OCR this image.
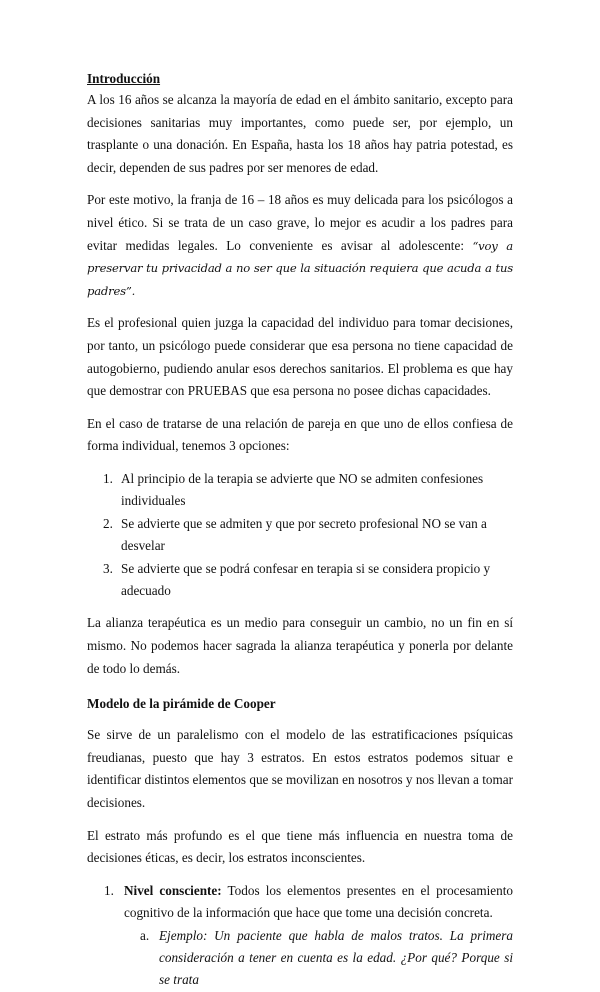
Introducción

A los 16 años se alcanza la mayoría de edad en el ámbito sanitario, excepto para decisiones sanitarias muy importantes, como puede ser, por ejemplo, un trasplante o una donación. En España, hasta los 18 años hay patria potestad, es decir, dependen de sus padres por ser menores de edad.

Por este motivo, la franja de 16 – 18 años es muy delicada para los psicólogos a nivel ético. Si se trata de un caso grave, lo mejor es acudir a los padres para evitar medidas legales. Lo conveniente es avisar al adolescente: “voy a preservar tu privacidad a no ser que la situación requiera que acuda a tus padres”.

Es el profesional quien juzga la capacidad del individuo para tomar decisiones, por tanto, un psicólogo puede considerar que esa persona no tiene capacidad de autogobierno, pudiendo anular esos derechos sanitarios. El problema es que hay que demostrar con PRUEBAS que esa persona no posee dichas capacidades.

En el caso de tratarse de una relación de pareja en que uno de ellos confiesa de forma individual, tenemos 3 opciones:

1. Al principio de la terapia se advierte que NO se admiten confesiones individuales
2. Se advierte que se admiten y que por secreto profesional NO se van a desvelar
3. Se advierte que se podrá confesar en terapia si se considera propicio y adecuado

La alianza terapéutica es un medio para conseguir un cambio, no un fin en sí mismo. No podemos hacer sagrada la alianza terapéutica y ponerla por delante de todo lo demás.

Modelo de la pirámide de Cooper

Se sirve de un paralelismo con el modelo de las estratificaciones psíquicas freudianas, puesto que hay 3 estratos. En estos estratos podemos situar e identificar distintos elementos que se movilizan en nosotros y nos llevan a tomar decisiones.

El estrato más profundo es el que tiene más influencia en nuestra toma de decisiones éticas, es decir, los estratos inconscientes.

1. Nivel consciente: Todos los elementos presentes en el procesamiento cognitivo de la información que hace que tome una decisión concreta.
a. Ejemplo: Un paciente que habla de malos tratos. La primera consideración a tener en cuenta es la edad. ¿Por qué? Porque si se trata
